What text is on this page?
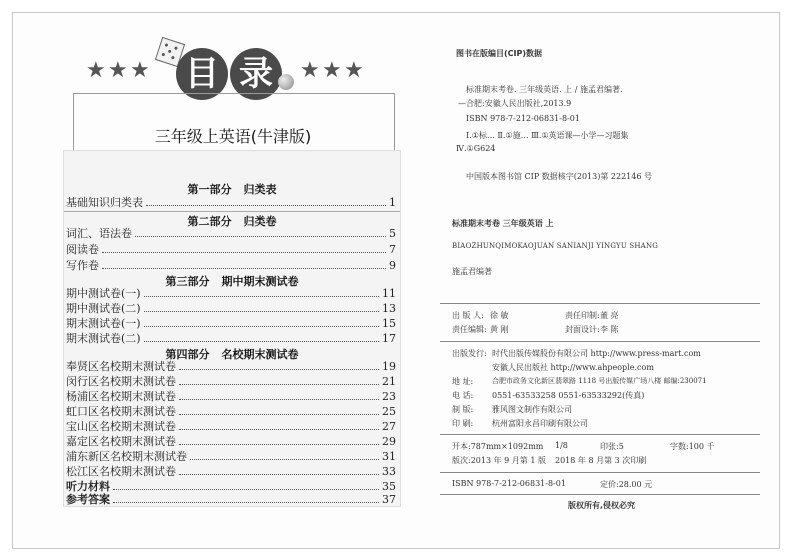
★ ★ ★ 目 录	★ ★ ★
三年级上英语(牛津版)
第一部分 归类表
基础知识归类表	1
第二部分 归类卷
词汇、语法卷	5
阅读卷	7
写作卷	9
第三部分 期中期末测试卷
期中测试卷(一)	11
期中测试卷(二)	13
期末测试卷(一)	15
期末测试卷(二)	17
第四部分 名校期末测试卷
奉贤区名校期末测试卷	19
闵行区名校期末测试卷	21
杨浦区名校期末测试卷	23
虹口区名校期末测试卷	25
宝山区名校期末测试卷	27
嘉定区名校期末测试卷	29
浦东新区名校期末测试卷	31
松江区名校期末测试卷	33
听力材料	35
参考答案	37
图书在版编目(CIP)数据
标准期末考卷. 三年级英语. 上 / 施孟君编著.
—合肥:安徽人民出版社,2013.9
ISBN 978-7-212-06831-8-01
Ⅰ.①标… Ⅱ.①施… Ⅲ.①英语课—小学—习题集
Ⅳ.①G624
中国版本图书馆 CIP 数据核字(2013)第 222146 号
标准期末考卷 三年级英语 上
BIAOZHUNQIMOKAOJUAN SANIANJI YINGYU SHANG
施孟君编著
出 版 人: 徐 敏	责任印制: 董 亮
责任编辑: 黄 刚	封面设计: 李 陈
出版发行: 时代出版传媒股份有限公司 http://www.press-mart.com
安徽人民出版社 http://www.ahpeople.com
地 址:	合肥市政务文化新区翡翠路 1118 号出版传媒广场八楼 邮编:230071
电 话: 0551-63533258 0551-63533292(传真)
制 版: 雅风图文制作有限公司
印 刷: 杭州富阳永昌印刷有限公司
开本:787mm×1092mm 1/8	印张:5	字数:100 千
版次:2013 年 9 月第 1 版 2018 年 8 月第 3 次印刷
ISBN 978-7-212-06831-8-01	定价:28.00 元
版权所有,侵权必究
